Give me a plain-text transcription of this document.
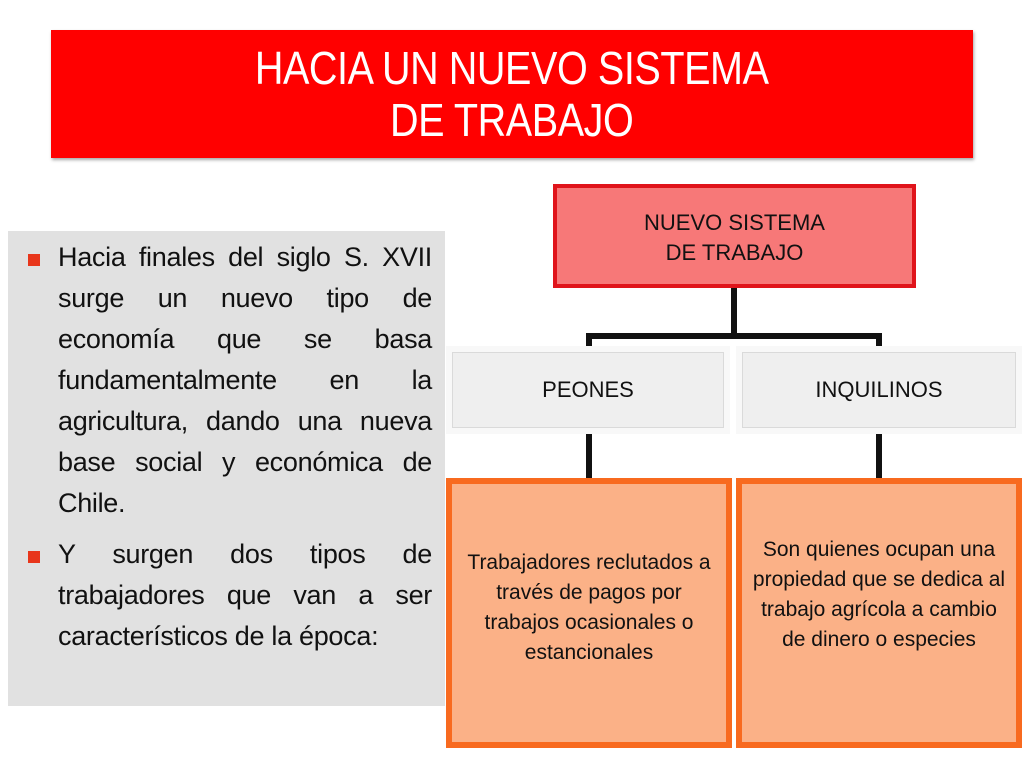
HACIA UN NUEVO SISTEMA
DE TRABAJO
Hacia finales del siglo S. XVII surge un nuevo tipo de economía que se basa fundamentalmente en la agricultura, dando una nueva base social y económica de Chile.
Y surgen dos tipos de trabajadores que van a ser característicos de la época:
NUEVO SISTEMA
DE TRABAJO
PEONES	INQUILINOS
Trabajadores reclutados a través de pagos por trabajos ocasionales o estancionales
Son quienes ocupan una propiedad que se dedica al trabajo agrícola a cambio de dinero o especies
